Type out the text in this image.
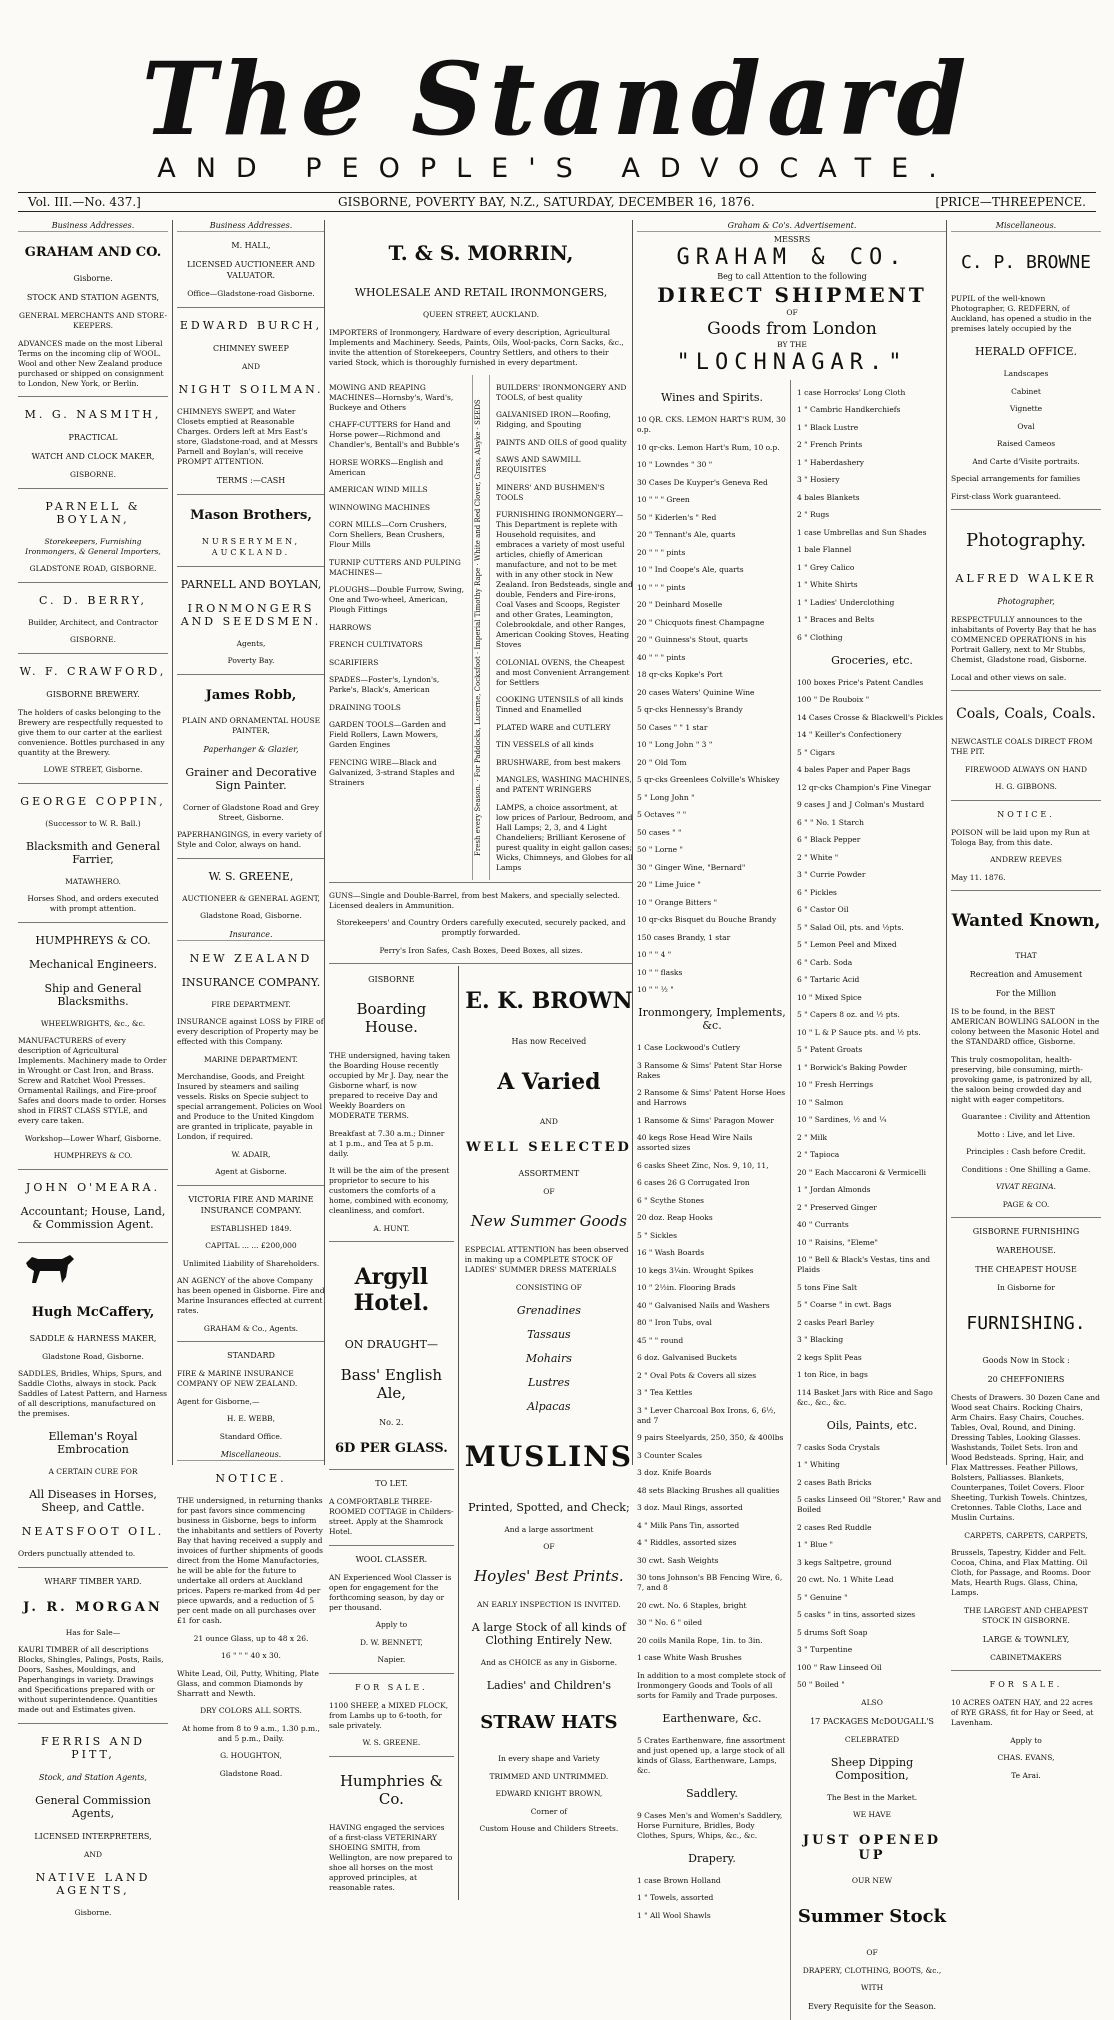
The Standard
AND PEOPLE'S ADVOCATE.
Vol. III.—No. 437.]	GISBORNE, POVERTY BAY, N.Z., SATURDAY, DECEMBER 16, 1876.	[PRICE—THREEPENCE.

Business Addresses.

GRAHAM AND CO.

Gisborne.

STOCK AND STATION AGENTS,

GENERAL MERCHANTS AND STORE-KEEPERS.

ADVANCES made on the most Liberal Terms on the incoming clip of WOOL. Wool and other New Zealand produce purchased or shipped on consignment to London, New York, or Berlin.

M. G. NASMITH,

PRACTICAL

WATCH AND CLOCK MAKER,

GISBORNE.

PARNELL & BOYLAN,

Storekeepers, Furnishing Ironmongers, & General Importers,

GLADSTONE ROAD, GISBORNE.

C. D. BERRY,

Builder, Architect, and Contractor

GISBORNE.

W. F. CRAWFORD,

GISBORNE BREWERY.

The holders of casks belonging to the Brewery are respectfully requested to give them to our carter at the earliest convenience. Bottles purchased in any quantity at the Brewery.

LOWE STREET, Gisborne.

GEORGE COPPIN,

(Successor to W. R. Ball.)

Blacksmith and General Farrier,

MATAWHERO.

Horses Shod, and orders executed with prompt attention.

HUMPHREYS & CO.

Mechanical Engineers.

Ship and General Blacksmiths.

WHEELWRIGHTS, &c., &c.

MANUFACTURERS of every description of Agricultural Implements. Machinery made to Order in Wrought or Cast Iron, and Brass. Screw and Ratchet Wool Presses. Ornamental Railings, and Fire-proof Safes and doors made to order. Horses shod in FIRST CLASS STYLE, and every care taken.

Workshop—Lower Wharf, Gisborne.

HUMPHREYS & CO.

JOHN O'MEARA.

Accountant; House, Land, & Commission Agent.

Hugh McCaffery,

SADDLE & HARNESS MAKER,

Gladstone Road, Gisborne.

SADDLES, Bridles, Whips, Spurs, and Saddle Cloths, always in stock. Pack Saddles of Latest Pattern, and Harness of all descriptions, manufactured on the premises.

Elleman's Royal Embrocation

A CERTAIN CURE FOR

All Diseases in Horses, Sheep, and Cattle.

NEATSFOOT OIL.

Orders punctually attended to.

WHARF TIMBER YARD.

J. R. MORGAN

Has for Sale—

KAURI TIMBER of all descriptions Blocks, Shingles, Palings, Posts, Rails, Doors, Sashes, Mouldings, and Paperhangings in variety. Drawings and Specifications prepared with or without superintendence. Quantities made out and Estimates given.

FERRIS AND PITT,

Stock, and Station Agents,

General Commission Agents,

LICENSED INTERPRETERS,

AND

NATIVE LAND AGENTS,

Gisborne.

Business Addresses.

M. HALL,

LICENSED AUCTIONEER AND VALUATOR.

Office—Gladstone-road Gisborne.

EDWARD BURCH,

CHIMNEY SWEEP

AND

NIGHT SOILMAN.

CHIMNEYS SWEPT, and Water Closets emptied at Reasonable Charges. Orders left at Mrs East's store, Gladstone-road, and at Messrs Parnell and Boylan's, will receive PROMPT ATTENTION.

TERMS :—CASH

Mason Brothers,

NURSERYMEN, AUCKLAND.

PARNELL AND BOYLAN,

IRONMONGERS AND SEEDSMEN.

Agents,

Poverty Bay.

James Robb,

PLAIN AND ORNAMENTAL HOUSE PAINTER,

Paperhanger & Glazier,

Grainer and Decorative Sign Painter.

Corner of Gladstone Road and Grey Street, Gisborne.

PAPERHANGINGS, in every variety of Style and Color, always on hand.

W. S. GREENE,

AUCTIONEER & GENERAL AGENT,

Gladstone Road, Gisborne.

Insurance.

NEW ZEALAND

INSURANCE COMPANY.

FIRE DEPARTMENT.

INSURANCE against LOSS by FIRE of every description of Property may be effected with this Company.

MARINE DEPARTMENT.

Merchandise, Goods, and Freight Insured by steamers and sailing vessels. Risks on Specie subject to special arrangement. Policies on Wool and Produce to the United Kingdom are granted in triplicate, payable in London, if required.

W. ADAIR,

Agent at Gisborne.

VICTORIA FIRE AND MARINE INSURANCE COMPANY.

ESTABLISHED 1849.

CAPITAL ... ... £200,000

Unlimited Liability of Shareholders.

AN AGENCY of the above Company has been opened in Gisborne. Fire and Marine Insurances effected at current rates.

GRAHAM & Co., Agents.

STANDARD

FIRE & MARINE INSURANCE COMPANY OF NEW ZEALAND.

Agent for Gisborne,—

H. E. WEBB,

Standard Office.

Miscellaneous.

NOTICE.

THE undersigned, in returning thanks for past favors since commencing business in Gisborne, begs to inform the inhabitants and settlers of Poverty Bay that having received a supply and invoices of further shipments of goods direct from the Home Manufactories, he will be able for the future to undertake all orders at Auckland prices. Papers re-marked from 4d per piece upwards, and a reduction of 5 per cent made on all purchases over £1 for cash.

21 ounce Glass, up to 48 x 26.

16 " " " 40 x 30.

White Lead, Oil, Putty, Whiting, Plate Glass, and common Diamonds by Sharratt and Newth.

DRY COLORS ALL SORTS.

At home from 8 to 9 a.m., 1.30 p.m., and 5 p.m., Daily.

G. HOUGHTON,

Gladstone Road.

T. & S. MORRIN,

WHOLESALE AND RETAIL IRONMONGERS,

QUEEN STREET, AUCKLAND.

IMPORTERS of Ironmongery, Hardware of every description, Agricultural Implements and Machinery. Seeds, Paints, Oils, Wool-packs, Corn Sacks, &c., invite the attention of Storekeepers, Country Settlers, and others to their varied Stock, which is thoroughly furnished in every department.

MOWING AND REAPING MACHINES—Hornsby's, Ward's, Buckeye and Others

CHAFF-CUTTERS for Hand and Horse power—Richmond and Chandler's, Bentall's and Bubble's

HORSE WORKS—English and American

AMERICAN WIND MILLS

WINNOWING MACHINES

CORN MILLS—Corn Crushers, Corn Shellers, Bean Crushers, Flour Mills

TURNIP CUTTERS AND PULPING MACHINES—

PLOUGHS—Double Furrow, Swing, One and Two-wheel, American, Plough Fittings

HARROWS

FRENCH CULTIVATORS

SCARIFIERS

SPADES—Foster's, Lyndon's, Parke's, Black's, American

DRAINING TOOLS

GARDEN TOOLS—Garden and Field Rollers, Lawn Mowers, Garden Engines

FENCING WIRE—Black and Galvanized, 3-strand Staples and Strainers

Fresh every Season. · For Paddocks, Lucerne, Cocksfoot · Imperial Timothy Rape · White and Red Clover, Grass, Alsyke · SEEDS

BUILDERS' IRONMONGERY AND TOOLS, of best quality

GALVANISED IRON—Roofing, Ridging, and Spouting

PAINTS AND OILS of good quality

SAWS AND SAWMILL REQUISITES

MINERS' AND BUSHMEN'S TOOLS

FURNISHING IRONMONGERY—This Department is replete with Household requisites, and embraces a variety of most useful articles, chiefly of American manufacture, and not to be met with in any other stock in New Zealand. Iron Bedsteads, single and double, Fenders and Fire-irons, Coal Vases and Scoops, Register and other Grates, Leamington, Colebrookdale, and other Ranges, American Cooking Stoves, Heating Stoves

COLONIAL OVENS, the Cheapest and most Convenient Arrangement for Settlers

COOKING UTENSILS of all kinds Tinned and Enamelled

PLATED WARE and CUTLERY

TIN VESSELS of all kinds

BRUSHWARE, from best makers

MANGLES, WASHING MACHINES, and PATENT WRINGERS

LAMPS, a choice assortment, at low prices of Parlour, Bedroom, and Hall Lamps; 2, 3, and 4 Light Chandeliers; Brilliant Kerosene of purest quality in eight gallon cases; Wicks, Chimneys, and Globes for all Lamps

GUNS—Single and Double-Barrel, from best Makers, and specially selected. Licensed dealers in Ammunition.

Storekeepers' and Country Orders carefully executed, securely packed, and promptly forwarded.

Perry's Iron Safes, Cash Boxes, Deed Boxes, all sizes.

GISBORNE

Boarding House.

THE undersigned, having taken the Boarding House recently occupied by Mr J. Day, near the Gisborne wharf, is now prepared to receive Day and Weekly Boarders on MODERATE TERMS.

Breakfast at 7.30 a.m.; Dinner at 1 p.m., and Tea at 5 p.m. daily.

It will be the aim of the present proprietor to secure to his customers the comforts of a home, combined with economy, cleanliness, and comfort.

A. HUNT.

Argyll Hotel.

ON DRAUGHT—

Bass' English Ale,

No. 2.

6D PER GLASS.

TO LET.

A COMFORTABLE THREE-ROOMED COTTAGE in Childers-street. Apply at the Shamrock Hotel.

WOOL CLASSER.

AN Experienced Wool Classer is open for engagement for the forthcoming season, by day or per thousand.

Apply to

D. W. BENNETT,

Napier.

FOR SALE.

1100 SHEEP, a MIXED FLOCK, from Lambs up to 6-tooth, for sale privately.

W. S. GREENE.

Humphries & Co.

HAVING engaged the services of a first-class VETERINARY SHOEING SMITH, from Wellington, are now prepared to shoe all horses on the most approved principles, at reasonable rates.

E. K. BROWN

Has now Received

A Varied

AND

WELL SELECTED

ASSORTMENT

OF

New Summer Goods

ESPECIAL ATTENTION has been observed in making up a COMPLETE STOCK OF LADIES' SUMMER DRESS MATERIALS

CONSISTING OF

Grenadines

Tassaus

Mohairs

Lustres

Alpacas

MUSLINS

Printed, Spotted, and Check;

And a large assortment

OF

Hoyles' Best Prints.

AN EARLY INSPECTION IS INVITED.

A large Stock of all kinds of Clothing Entirely New.

And as CHOICE as any in Gisborne.

Ladies' and Children's

STRAW HATS

In every shape and Variety

TRIMMED AND UNTRIMMED.

EDWARD KNIGHT BROWN,

Corner of

Custom House and Childers Streets.

Graham & Co's. Advertisement.

MESSRS

GRAHAM & CO.

Beg to call Attention to the following

DIRECT SHIPMENT

OF

Goods from London

BY THE

"LOCHNAGAR."

Wines and Spirits.

10 QR. CKS. LEMON HART'S RUM, 30 o.p.

10 qr-cks. Lemon Hart's Rum, 10 o.p.

10 " Lowndes " 30 "

30 Cases De Kuyper's Geneva Red

10 " " " Green

50 " Kiderlen's " Red

20 " Tennant's Ale, quarts

20 " " " pints

10 " Ind Coope's Ale, quarts

10 " " " pints

20 " Deinhard Moselle

20 " Chicquots finest Champagne

20 " Guinness's Stout, quarts

40 " " " pints

18 qr-cks Kopke's Port

20 cases Waters' Quinine Wine

5 qr-cks Hennessy's Brandy

50 Cases " " 1 star

10 " Long John " 3 "

20 " Old Tom

5 qr-cks Greenlees Colville's Whiskey

5 " Long John "

5 Octaves " "

50 cases " "

50 " Lorne "

30 " Ginger Wine, "Bernard"

20 " Lime Juice "

10 " Orange Bitters "

10 qr-cks Bisquet du Bouche Brandy

150 cases Brandy, 1 star

10 " " 4 "

10 " " flasks

10 " " ½ "

Ironmongery, Implements, &c.

1 Case Lockwood's Cutlery

3 Ransome & Sims' Patent Star Horse Rakes

2 Ransome & Sims' Patent Horse Hoes and Harrows

1 Ransome & Sims' Paragon Mower

40 kegs Rose Head Wire Nails assorted sizes

6 casks Sheet Zinc, Nos. 9, 10, 11,

6 cases 26 G Corrugated Iron

6 " Scythe Stones

20 doz. Reap Hooks

5 " Sickles

16 " Wash Boards

10 kegs 3¼in. Wrought Spikes

10 " 2½in. Flooring Brads

40 " Galvanised Nails and Washers

80 " Iron Tubs, oval

45 " " round

6 doz. Galvanised Buckets

2 " Oval Pots & Covers all sizes

3 " Tea Kettles

3 " Lever Charcoal Box Irons, 6, 6½, and 7

9 pairs Steelyards, 250, 350, & 400lbs

3 Counter Scales

3 doz. Knife Boards

48 sets Blacking Brushes all qualities

3 doz. Maul Rings, assorted

4 " Milk Pans Tin, assorted

4 " Riddles, assorted sizes

30 cwt. Sash Weights

30 tons Johnson's BB Fencing Wire, 6, 7, and 8

20 cwt. No. 6 Staples, bright

30 " No. 6 " oiled

20 coils Manila Rope, 1in. to 3in.

1 case White Wash Brushes

In addition to a most complete stock of Ironmongery Goods and Tools of all sorts for Family and Trade purposes.

Earthenware, &c.

5 Crates Earthenware, fine assortment and just opened up, a large stock of all kinds of Glass, Earthenware, Lamps, &c.

Saddlery.

9 Cases Men's and Women's Saddlery, Horse Furniture, Bridles, Body Clothes, Spurs, Whips, &c., &c.

Drapery.

1 case Brown Holland

1 " Towels, assorted

1 " All Wool Shawls

1 case Horrocks' Long Cloth

1 " Cambric Handkerchiefs

1 " Black Lustre

2 " French Prints

1 " Haberdashery

3 " Hosiery

4 bales Blankets

2 " Rugs

1 case Umbrellas and Sun Shades

1 bale Flannel

1 " Grey Calico

1 " White Shirts

1 " Ladies' Underclothing

1 " Braces and Belts

6 " Clothing

Groceries, etc.

100 boxes Price's Patent Candles

100 " De Rouboix "

14 Cases Crosse & Blackwell's Pickles

14 " Keiller's Confectionery

5 " Cigars

4 bales Paper and Paper Bags

12 qr-cks Champion's Fine Vinegar

9 cases J and J Colman's Mustard

6 " " No. 1 Starch

6 " Black Pepper

2 " White "

3 " Currie Powder

6 " Pickles

6 " Castor Oil

5 " Salad Oil, pts. and ½pts.

5 " Lemon Peel and Mixed

6 " Carb. Soda

6 " Tartaric Acid

10 " Mixed Spice

5 " Capers 8 oz. and ½ pts.

10 " L & P Sauce pts. and ½ pts.

5 " Patent Groats

1 " Borwick's Baking Powder

10 " Fresh Herrings

10 " Salmon

10 " Sardines, ½ and ¼

2 " Milk

2 " Tapioca

20 " Each Maccaroni & Vermicelli

1 " Jordan Almonds

2 " Preserved Ginger

40 " Currants

10 " Raisins, "Eleme"

10 " Bell & Black's Vestas, tins and Plaids

5 tons Fine Salt

5 " Coarse " in cwt. Bags

2 casks Pearl Barley

3 " Blacking

2 kegs Split Peas

1 ton Rice, in bags

114 Basket Jars with Rice and Sago &c., &c., &c.

Oils, Paints, etc.

7 casks Soda Crystals

1 " Whiting

2 cases Bath Bricks

5 casks Linseed Oil "Storer," Raw and Boiled

2 cases Red Ruddle

1 " Blue "

3 kegs Saltpetre, ground

20 cwt. No. 1 White Lead

5 " Genuine "

5 casks " in tins, assorted sizes

5 drums Soft Soap

3 " Turpentine

100 " Raw Linseed Oil

50 " Boiled "

ALSO

17 PACKAGES McDOUGALL'S

CELEBRATED

Sheep Dipping Composition,

The Best in the Market.

WE HAVE

JUST OPENED UP

OUR NEW

Summer Stock

OF

DRAPERY, CLOTHING, BOOTS, &c.,

WITH

Every Requisite for the Season.

Miscellaneous.

C. P. BROWNE

PUPIL of the well-known Photographer, G. REDFERN, of Auckland, has opened a studio in the premises lately occupied by the

HERALD OFFICE.

Landscapes

Cabinet

Vignette

Oval

Raised Cameos

And Carte d'Visite portraits.

Special arrangements for families

First-class Work guaranteed.

Photography.

ALFRED WALKER

Photographer,

RESPECTFULLY announces to the inhabitants of Poverty Bay that he has COMMENCED OPERATIONS in his Portrait Gallery, next to Mr Stubbs, Chemist, Gladstone road, Gisborne.

Local and other views on sale.

Coals, Coals, Coals.

NEWCASTLE COALS DIRECT FROM THE PIT.

FIREWOOD ALWAYS ON HAND

H. G. GIBBONS.

NOTICE.

POISON will be laid upon my Run at Tologa Bay, from this date.

ANDREW REEVES

May 11. 1876.

Wanted Known,

THAT

Recreation and Amusement

For the Million

IS to be found, in the BEST AMERICAN BOWLING SALOON in the colony between the Masonic Hotel and the STANDARD office, Gisborne.

This truly cosmopolitan, health-preserving, bile consuming, mirth-provoking game, is patronized by all, the saloon being crowded day and night with eager competitors.

Guarantee : Civility and Attention

Motto : Live, and let Live.

Principles : Cash before Credit.

Conditions : One Shilling a Game.

VIVAT REGINA.

PAGE & CO.

GISBORNE FURNISHING

WAREHOUSE.

THE CHEAPEST HOUSE

In Gisborne for

FURNISHING.

Goods Now in Stock :

20 CHEFFONIERS

Chests of Drawers. 30 Dozen Cane and Wood seat Chairs. Rocking Chairs, Arm Chairs. Easy Chairs, Couches. Tables, Oval, Round, and Dining. Dressing Tables, Looking Glasses. Washstands, Toilet Sets. Iron and Wood Bedsteads. Spring, Hair, and Flax Mattresses. Feather Pillows, Bolsters, Palliasses. Blankets, Counterpanes, Toilet Covers. Floor Sheeting, Turkish Towels. Chintzes, Cretonnes. Table Cloths, Lace and Muslin Curtains.

CARPETS, CARPETS, CARPETS,

Brussels, Tapestry, Kidder and Felt. Cocoa, China, and Flax Matting. Oil Cloth, for Passage, and Rooms. Door Mats, Hearth Rugs. Glass, China, Lamps.

THE LARGEST AND CHEAPEST STOCK IN GISBORNE.

LARGE & TOWNLEY,

CABINETMAKERS

FOR SALE.

10 ACRES OATEN HAY, and 22 acres of RYE GRASS, fit for Hay or Seed, at Lavenham.

Apply to

CHAS. EVANS,

Te Arai.
